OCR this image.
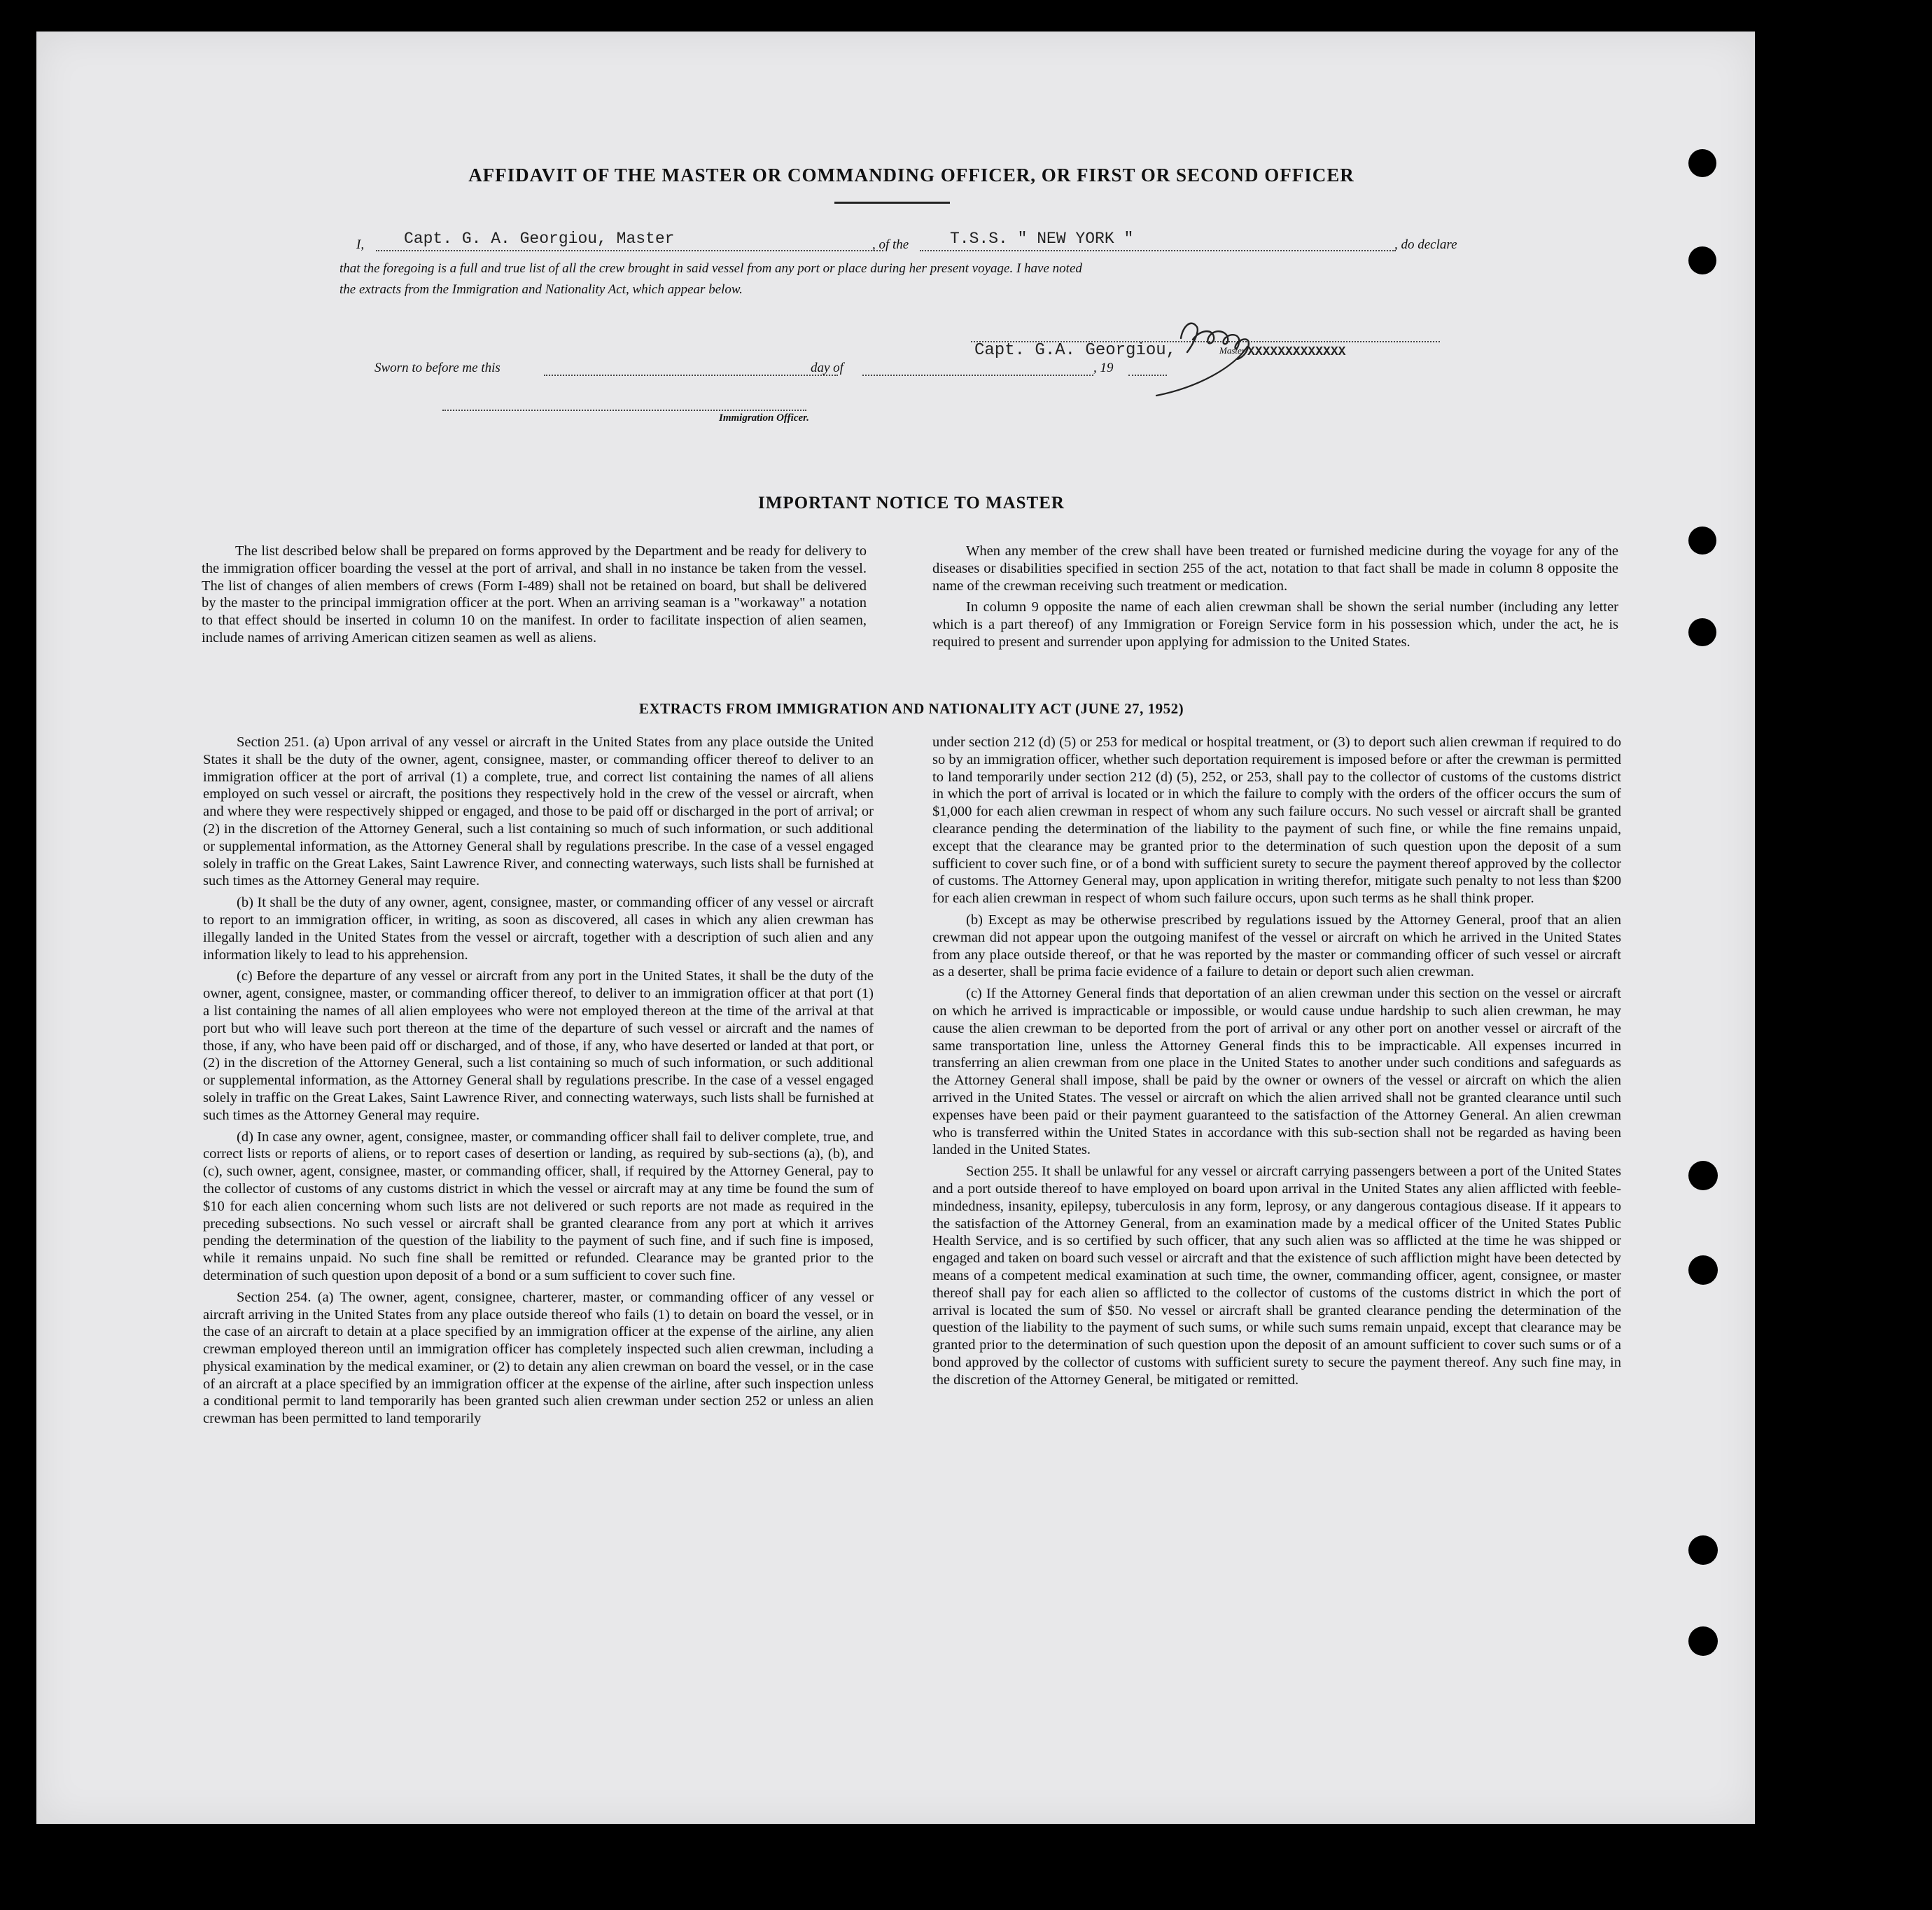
AFFIDAVIT OF THE MASTER OR COMMANDING OFFICER, OR FIRST OR SECOND OFFICER
I, Capt. G. A. Georgiou, Master	, of the	T.S.S. " NEW YORK "	, do declare
that the foregoing is a full and true list of all the crew brought in said vessel from any port or place during her present voyage. I have noted
the extracts from the Immigration and Nationality Act, which appear below.
Capt. G.A. Georgiou,	Master XXXXXXXXXXXXX
Sworn to before me this	day of	, 19
Immigration Officer.
IMPORTANT NOTICE TO MASTER

The list described below shall be prepared on forms approved by the Department and be ready for delivery to the immigration officer boarding the vessel at the port of arrival, and shall in no instance be taken from the vessel. The list of changes of alien members of crews (Form I-489) shall not be retained on board, but shall be delivered by the master to the principal immigration officer at the port. When an arriving seaman is a "workaway" a notation to that effect should be inserted in column 10 on the manifest. In order to facilitate inspection of alien seamen, include names of arriving American citizen seamen as well as aliens.

When any member of the crew shall have been treated or furnished medicine during the voyage for any of the diseases or disabilities specified in section 255 of the act, notation to that fact shall be made in column 8 opposite the name of the crewman receiving such treatment or medication.

In column 9 opposite the name of each alien crewman shall be shown the serial number (including any letter which is a part thereof) of any Immigration or Foreign Service form in his possession which, under the act, he is required to present and surrender upon applying for admission to the United States.

EXTRACTS FROM IMMIGRATION AND NATIONALITY ACT (JUNE 27, 1952)

Section 251. (a) Upon arrival of any vessel or aircraft in the United States from any place outside the United States it shall be the duty of the owner, agent, consignee, master, or commanding officer thereof to deliver to an immigration officer at the port of arrival (1) a complete, true, and correct list containing the names of all aliens employed on such vessel or aircraft, the positions they respectively hold in the crew of the vessel or aircraft, when and where they were respectively shipped or engaged, and those to be paid off or discharged in the port of arrival; or (2) in the discretion of the Attorney General, such a list containing so much of such information, or such additional or supplemental information, as the Attorney General shall by regulations prescribe. In the case of a vessel engaged solely in traffic on the Great Lakes, Saint Lawrence River, and connecting waterways, such lists shall be furnished at such times as the Attorney General may require.

(b) It shall be the duty of any owner, agent, consignee, master, or commanding officer of any vessel or aircraft to report to an immigration officer, in writing, as soon as discovered, all cases in which any alien crewman has illegally landed in the United States from the vessel or aircraft, together with a description of such alien and any information likely to lead to his apprehension.

(c) Before the departure of any vessel or aircraft from any port in the United States, it shall be the duty of the owner, agent, consignee, master, or commanding officer thereof, to deliver to an immigration officer at that port (1) a list containing the names of all alien employees who were not employed thereon at the time of the arrival at that port but who will leave such port thereon at the time of the departure of such vessel or aircraft and the names of those, if any, who have been paid off or discharged, and of those, if any, who have deserted or landed at that port, or (2) in the discretion of the Attorney General, such a list containing so much of such information, or such additional or supplemental information, as the Attorney General shall by regulations prescribe. In the case of a vessel engaged solely in traffic on the Great Lakes, Saint Lawrence River, and connecting waterways, such lists shall be furnished at such times as the Attorney General may require.

(d) In case any owner, agent, consignee, master, or commanding officer shall fail to deliver complete, true, and correct lists or reports of aliens, or to report cases of desertion or landing, as required by sub-sections (a), (b), and (c), such owner, agent, consignee, master, or commanding officer, shall, if required by the Attorney General, pay to the collector of customs of any customs district in which the vessel or aircraft may at any time be found the sum of $10 for each alien concerning whom such lists are not delivered or such reports are not made as required in the preceding subsections. No such vessel or aircraft shall be granted clearance from any port at which it arrives pending the determination of the question of the liability to the payment of such fine, and if such fine is imposed, while it remains unpaid. No such fine shall be remitted or refunded. Clearance may be granted prior to the determination of such question upon deposit of a bond or a sum sufficient to cover such fine.

Section 254. (a) The owner, agent, consignee, charterer, master, or commanding officer of any vessel or aircraft arriving in the United States from any place outside thereof who fails (1) to detain on board the vessel, or in the case of an aircraft to detain at a place specified by an immigration officer at the expense of the airline, any alien crewman employed thereon until an immigration officer has completely inspected such alien crewman, including a physical examination by the medical examiner, or (2) to detain any alien crewman on board the vessel, or in the case of an aircraft at a place specified by an immigration officer at the expense of the airline, after such inspection unless a conditional permit to land temporarily has been granted such alien crewman under section 252 or unless an alien crewman has been permitted to land temporarily

under section 212 (d) (5) or 253 for medical or hospital treatment, or (3) to deport such alien crewman if required to do so by an immigration officer, whether such deportation requirement is imposed before or after the crewman is permitted to land temporarily under section 212 (d) (5), 252, or 253, shall pay to the collector of customs of the customs district in which the port of arrival is located or in which the failure to comply with the orders of the officer occurs the sum of $1,000 for each alien crewman in respect of whom any such failure occurs. No such vessel or aircraft shall be granted clearance pending the determination of the liability to the payment of such fine, or while the fine remains unpaid, except that the clearance may be granted prior to the determination of such question upon the deposit of a sum sufficient to cover such fine, or of a bond with sufficient surety to secure the payment thereof approved by the collector of customs. The Attorney General may, upon application in writing therefor, mitigate such penalty to not less than $200 for each alien crewman in respect of whom such failure occurs, upon such terms as he shall think proper.

(b) Except as may be otherwise prescribed by regulations issued by the Attorney General, proof that an alien crewman did not appear upon the outgoing manifest of the vessel or aircraft on which he arrived in the United States from any place outside thereof, or that he was reported by the master or commanding officer of such vessel or aircraft as a deserter, shall be prima facie evidence of a failure to detain or deport such alien crewman.

(c) If the Attorney General finds that deportation of an alien crewman under this section on the vessel or aircraft on which he arrived is impracticable or impossible, or would cause undue hardship to such alien crewman, he may cause the alien crewman to be deported from the port of arrival or any other port on another vessel or aircraft of the same transportation line, unless the Attorney General finds this to be impracticable. All expenses incurred in transferring an alien crewman from one place in the United States to another under such conditions and safeguards as the Attorney General shall impose, shall be paid by the owner or owners of the vessel or aircraft on which the alien arrived in the United States. The vessel or aircraft on which the alien arrived shall not be granted clearance until such expenses have been paid or their payment guaranteed to the satisfaction of the Attorney General. An alien crewman who is transferred within the United States in accordance with this sub-section shall not be regarded as having been landed in the United States.

Section 255. It shall be unlawful for any vessel or aircraft carrying passengers between a port of the United States and a port outside thereof to have employed on board upon arrival in the United States any alien afflicted with feeble-mindedness, insanity, epilepsy, tuberculosis in any form, leprosy, or any dangerous contagious disease. If it appears to the satisfaction of the Attorney General, from an examination made by a medical officer of the United States Public Health Service, and is so certified by such officer, that any such alien was so afflicted at the time he was shipped or engaged and taken on board such vessel or aircraft and that the existence of such affliction might have been detected by means of a competent medical examination at such time, the owner, commanding officer, agent, consignee, or master thereof shall pay for each alien so afflicted to the collector of customs of the customs district in which the port of arrival is located the sum of $50. No vessel or aircraft shall be granted clearance pending the determination of the question of the liability to the payment of such sums, or while such sums remain unpaid, except that clearance may be granted prior to the determination of such question upon the deposit of an amount sufficient to cover such sums or of a bond approved by the collector of customs with sufficient surety to secure the payment thereof. Any such fine may, in the discretion of the Attorney General, be mitigated or remitted.
